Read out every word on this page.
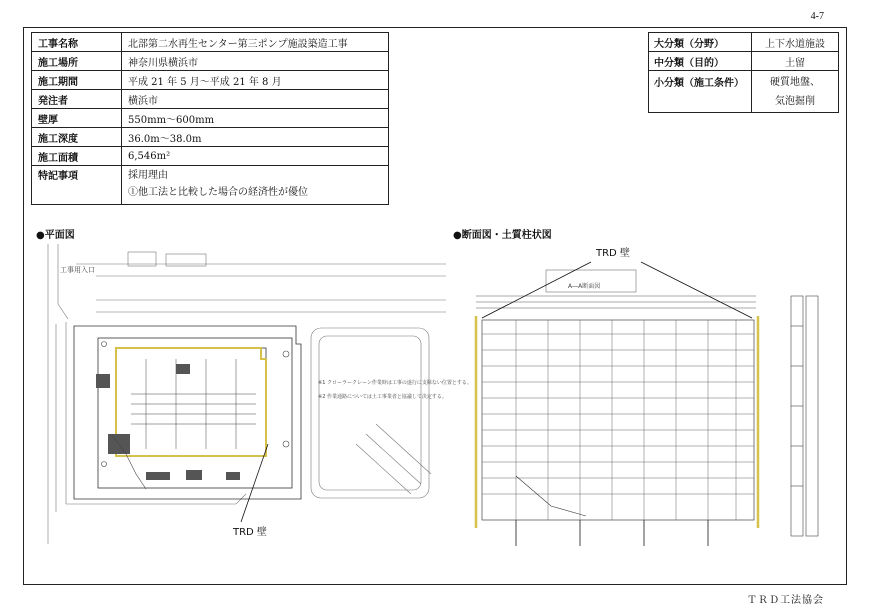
4-7
工事名称	北部第二水再生センター第三ポンプ施設築造工事
施工場所	神奈川県横浜市
施工期間	平成 21 年 5 月～平成 21 年 8 月
発注者	横浜市
壁厚	550mm～600mm
施工深度	36.0m～38.0m
施工面積	6,546m²
特記事項	採用理由
①他工法と比較した場合の経済性が優位
大分類（分野）	上下水道施設
中分類（目的）	土留
小分類（施工条件）	硬質地盤、
気泡掘削
●平面図	●断面図・土質柱状図
工事用入口
※1 クローラークレーン作業時は工事の遂行に支障ない位置とする。
※2 作業通路については土工事業者と協議して決定する。
TRD 壁
A―A断面図
TRD 壁
ＴＲＤ工法協会
